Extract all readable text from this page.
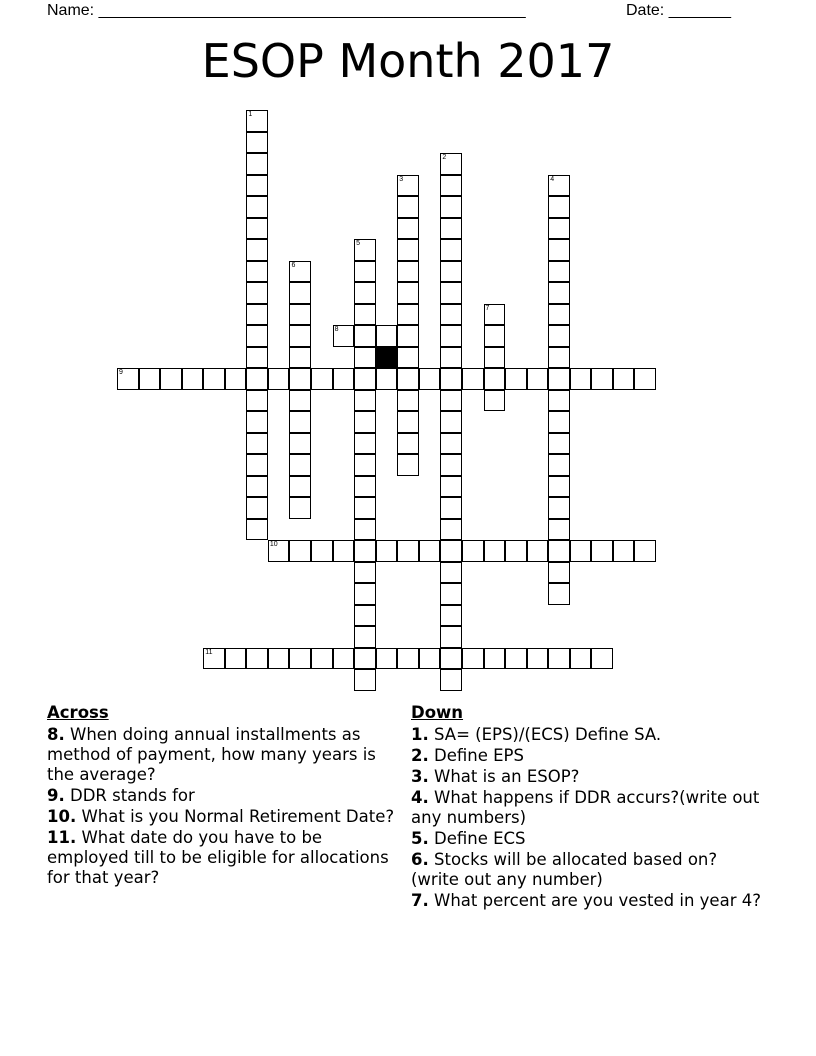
Name: ________________________________________________	Date: _______
ESOP Month 2017
1
2
3	4
5
6
7
8
9
10
11
Across
8. When doing annual installments as method of payment, how many years is the average?
9. DDR stands for
10. What is you Normal Retirement Date?
11. What date do you have to be employed till to be eligible for allocations for that year?
Down
1. SA= (EPS)/(ECS) Define SA.
2. Define EPS
3. What is an ESOP?
4. What happens if DDR accurs?(write out any numbers)
5. Define ECS
6. Stocks will be allocated based on? (write out any number)
7. What percent are you vested in year 4?
